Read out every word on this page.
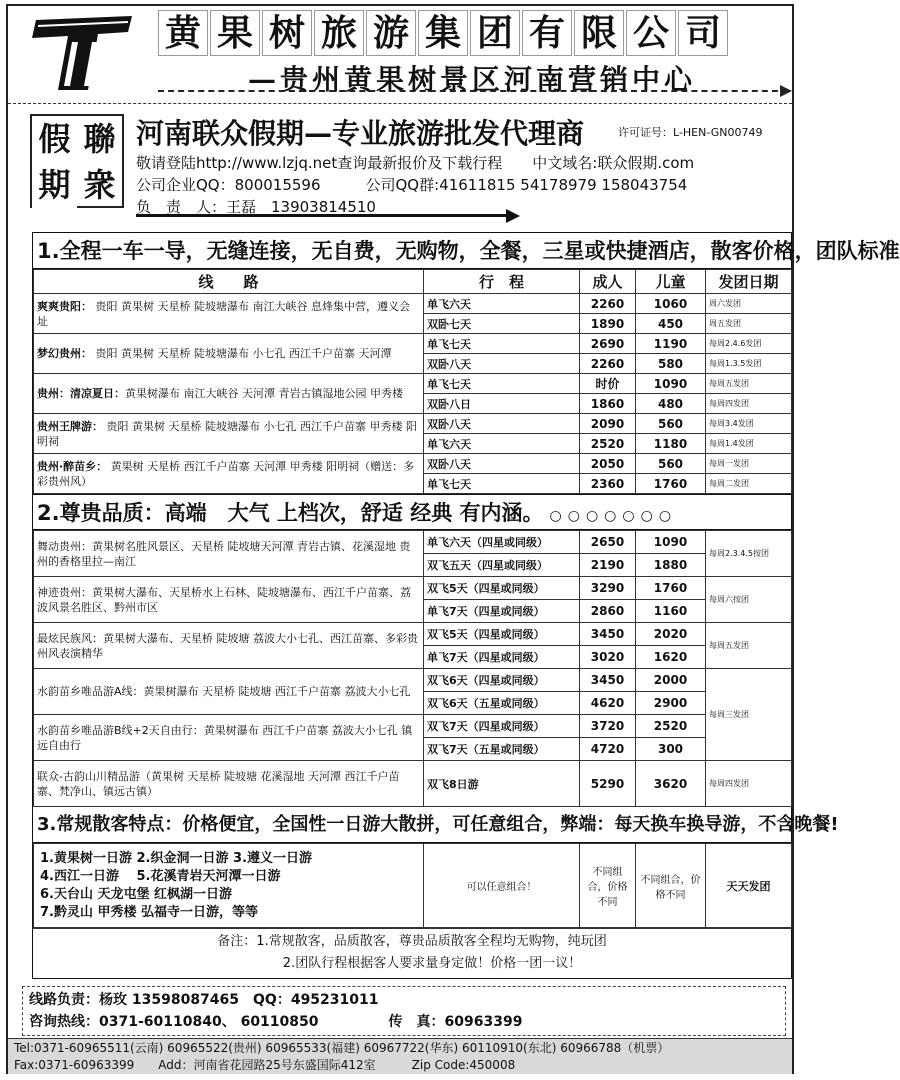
黄 果 树 旅 游 集 团 有 限 公 司
—贵州黄果树景区河南营销中心
假 聯
期 衆
河南联众假期—专业旅游批发代理商	许可证号：L-HEN-GN00749
敬请登陆http://www.lzjq.net查询最新报价及下载行程　　中文域名:联众假期.com
公司企业QQ：800015596　　　公司QQ群:41611815 54178979 158043754
负　责　人：王磊　13903814510
1.全程一车一导，无缝连接，无自费，无购物，全餐，三星或快捷酒店，散客价格，团队标准
线　　路	行　程	成人	儿童	发团日期
爽爽贵阳： 贵阳 黄果树 天星桥 陡坡塘瀑布 南江大峡谷 息烽集中营，遵义会址	单飞六天	2260	1060	周六发团
	双卧七天	1890	450	周五发团
梦幻贵州： 贵阳 黄果树 天星桥 陡坡塘瀑布 小七孔 西江千户苗寨 天河潭	单飞七天	2690	1190	每周2.4.6发团
	双卧八天	2260	580	每周1.3.5发团
贵州：清凉夏日：黄果树瀑布 南江大峡谷 天河潭 青岩古镇湿地公园 甲秀楼	单飞七天	时价	1090	每周五发团
	双卧八日	1860	480	每周四发团
贵州王牌游： 贵阳 黄果树 天星桥 陡坡塘瀑布 小七孔 西江千户苗寨 甲秀楼 阳明祠	双卧八天	2090	560	每周3.4发团
	单飞六天	2520	1180	每周1.4发团
贵州·醉苗乡： 黄果树 天星桥 西江千户苗寨 天河潭 甲秀楼 阳明祠（赠送：多彩贵州风）	双卧八天	2050	560	每周一发团
	单飞七天	2360	1760	每周二发团
2.尊贵品质：高端　大气 上档次，舒适 经典 有内涵。 ○○○○○○○
舞动贵州：黄果树名胜风景区、天星桥 陡坡塘天河潭 青岩古镇、花溪湿地 贵州的香格里拉—南江	单飞六天（四星或同级）	2650	1090	每周2.3.4.5按团
	双飞五天（四星或同级）	2190	1880	
神迹贵州：黄果树大瀑布、天星桥水上石林、陡坡塘瀑布、西江千户苗寨、荔波风景名胜区、黔州市区	双飞5天（四星或同级）	3290	1760	每周六按团
	单飞7天（四星或同级）	2860	1160	
最炫民族风：黄果树大瀑布、天星桥 陡坡塘 荔波大小七孔、西江苗寨、多彩贵州风表演精华	双飞5天（四星或同级）	3450	2020	每周五发团
	单飞7天（四星或同级）	3020	1620	
水韵苗乡唯品游A线：黄果树瀑布 天星桥 陡坡塘 西江千户苗寨 荔波大小七孔	双飞6天（四星或同级）	3450	2000	每周三发团
	双飞6天（五星或同级）	4620	2900	
水韵苗乡唯品游B线+2天自由行：黄果树瀑布 西江千户苗寨 荔波大小七孔 镇远自由行	双飞7天（四星或同级）	3720	2520	
	双飞7天（五星或同级）	4720	300	
联众-古韵山川精品游（黄果树 天星桥 陡坡塘 花溪湿地 天河潭 西江千户苗寨、梵净山、镇远古镇）	双飞8日游	5290	3620	每周四发团
3.常规散客特点：价格便宜，全国性一日游大散拼，可任意组合，弊端：每天换车换导游，不含晚餐!
1.黄果树一日游 2.织金洞一日游 3.遵义一日游
4.西江一日游　 5.花溪青岩天河潭一日游
6.天台山 天龙屯堡 红枫湖一日游
7.黔灵山 甲秀楼 弘福寺一日游，等等
	可以任意组合！	不同组合，价格不同	不同组合，价格不同	天天发团

备注：1.常规散客，品质散客，尊贵品质散客全程均无购物，纯玩团

2.团队行程根据客人要求量身定做！价格一团一议！

线路负责：杨玫 13598087465　QQ：495231011
咨询热线：0371-60110840、 60110850	传　真：60963399
Tel:0371-60965511(云南) 60965522(贵州) 60965533(福建) 60967722(华东) 60110910(东北) 60966788（机票）
Fax:0371-60963399　　Add：河南省花园路25号东盛国际412室　　　Zip Code:450008
